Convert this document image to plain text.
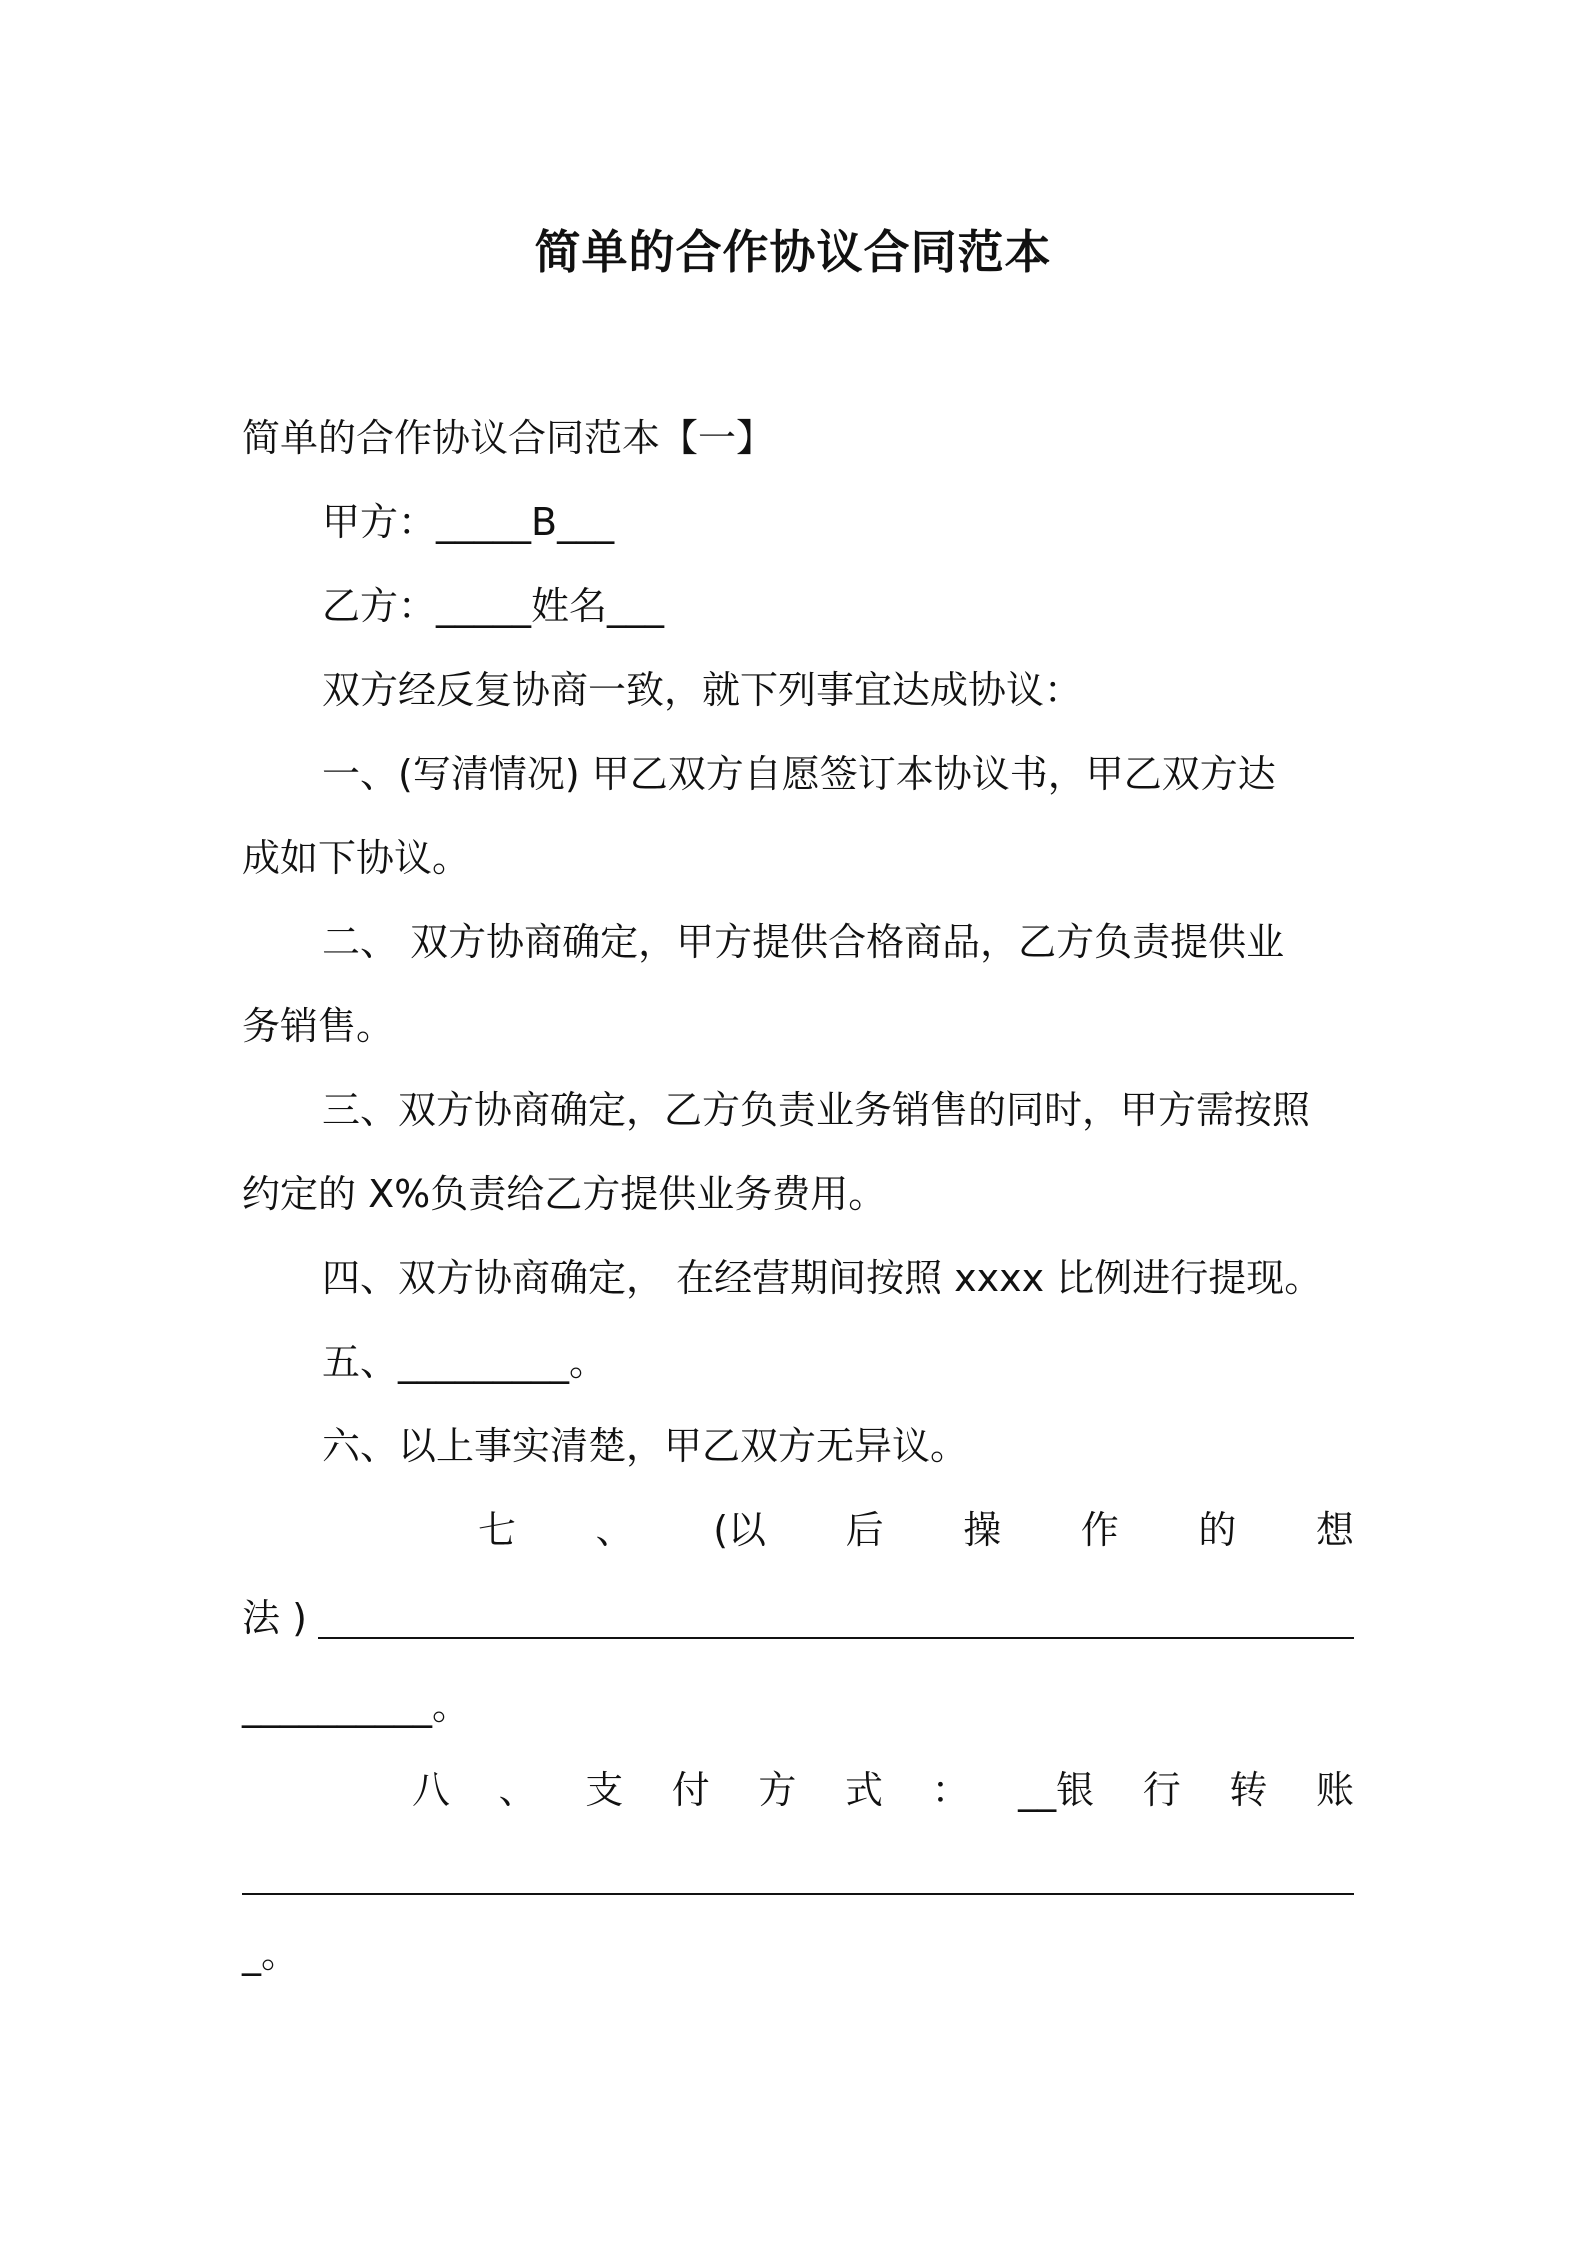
简单的合作协议合同范本
简单的合作协议合同范本【一】
甲方：_____B___
乙方：_____姓名___
双方经反复协商一致，就下列事宜达成协议：
一、(写清情况) 甲乙双方自愿签订本协议书，甲乙双方达
成如下协议。
二、 双方协商确定，甲方提供合格商品，乙方负责提供业
务销售。
三、双方协商确定，乙方负责业务销售的同时，甲方需按照
约定的 X%负责给乙方提供业务费用。
四、双方协商确定， 在经营期间按照 xxxx 比例进行提现。
五、_________。
六、以上事实清楚，甲乙双方无异议。
七 、 (以 后 操 作 的 想
法 )
__________。
八 、 支 付 方 式 ： __银 行 转 账
_。
